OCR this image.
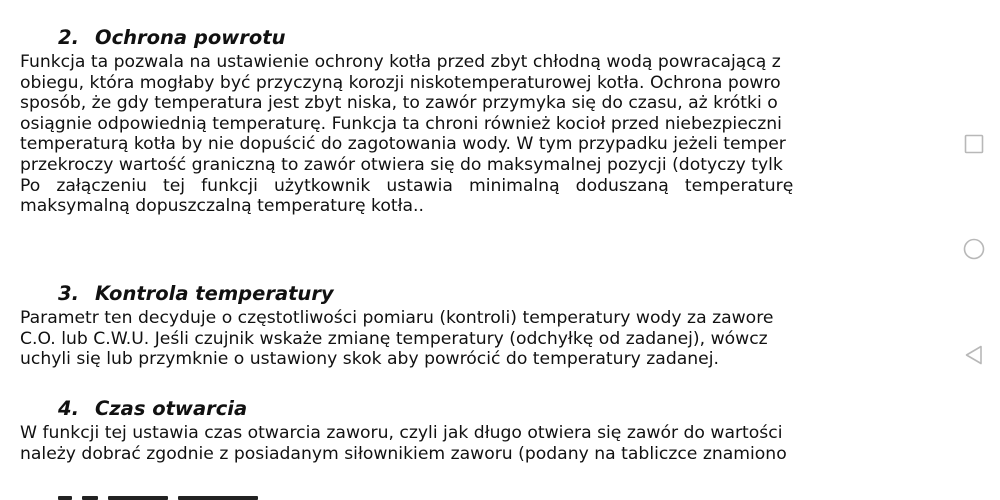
2. Ochrona powrotu
Funkcja ta pozwala na ustawienie ochrony kotła przed zbyt chłodną wodą powracającą z
obiegu, która mogłaby być przyczyną korozji niskotemperaturowej kotła. Ochrona powro
sposób, że gdy temperatura jest zbyt niska, to zawór przymyka się do czasu, aż krótki o
osiągnie odpowiednią temperaturę. Funkcja ta chroni również kocioł przed niebezpieczni
temperaturą kotła by nie dopuścić do zagotowania wody. W tym przypadku jeżeli temper
przekroczy wartość graniczną to zawór otwiera się do maksymalnej pozycji (dotyczy tylk
Po załączeniu tej funkcji użytkownik ustawia minimalną doduszaną temperaturę
maksymalną dopuszczalną temperaturę kotła..
3. Kontrola temperatury
Parametr ten decyduje o częstotliwości pomiaru (kontroli) temperatury wody za zawore
C.O. lub C.W.U. Jeśli czujnik wskaże zmianę temperatury (odchyłkę od zadanej), wówcz
uchyli się lub przymknie o ustawiony skok aby powrócić do temperatury zadanej.
4. Czas otwarcia
W funkcji tej ustawia czas otwarcia zaworu, czyli jak długo otwiera się zawór do wartości
należy dobrać zgodnie z posiadanym siłownikiem zaworu (podany na tabliczce znamiono
